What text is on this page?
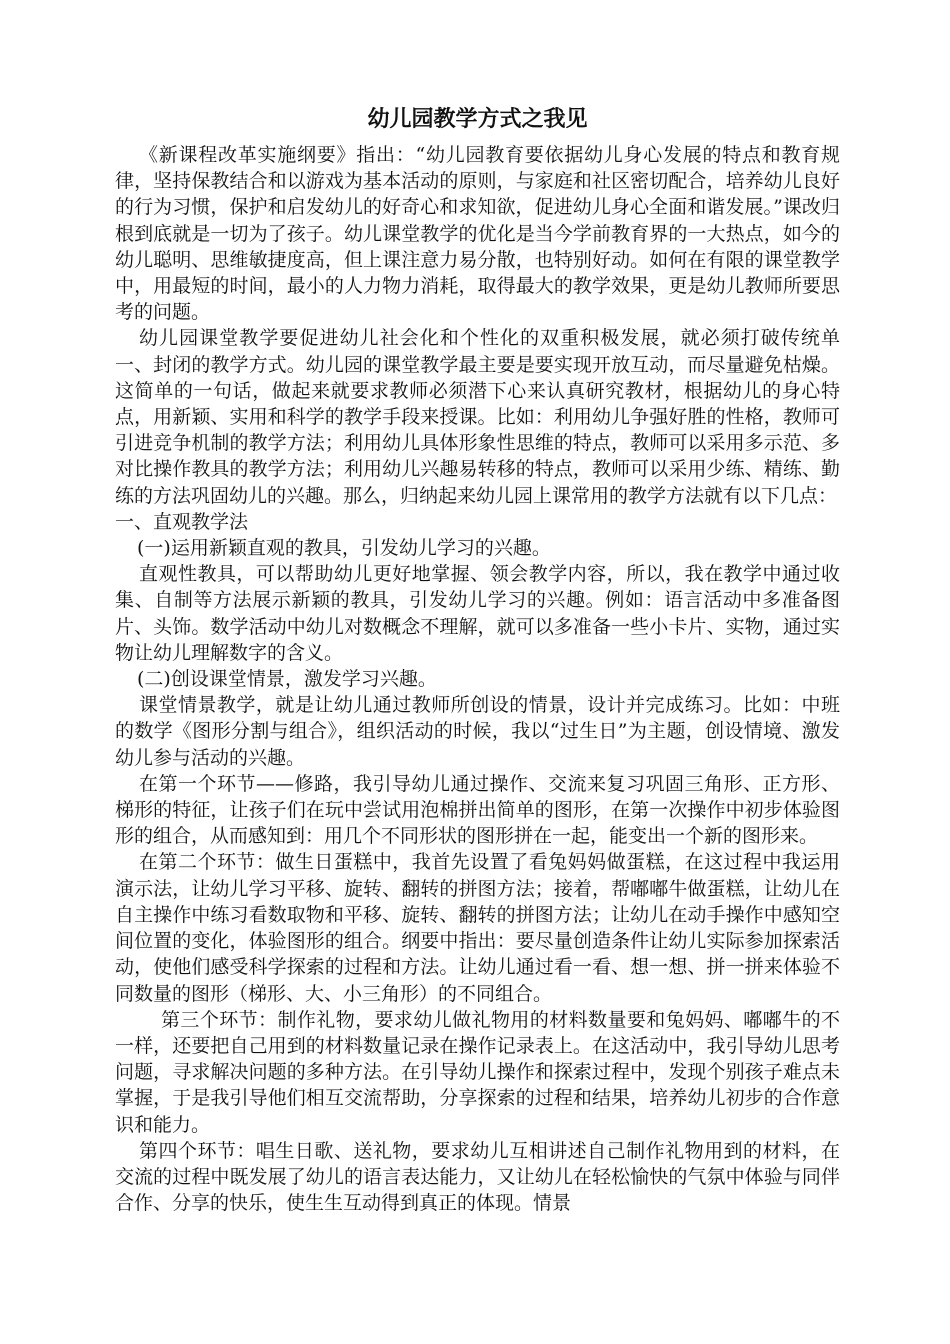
幼儿园教学方式之我见

《新课程改革实施纲要》指出：“幼儿园教育要依据幼儿身心发展的特点和教育规律，坚持保教结合和以游戏为基本活动的原则，与家庭和社区密切配合，培养幼儿良好的行为习惯，保护和启发幼儿的好奇心和求知欲，促进幼儿身心全面和谐发展。”课改归根到底就是一切为了孩子。幼儿课堂教学的优化是当今学前教育界的一大热点，如今的幼儿聪明、思维敏捷度高，但上课注意力易分散，也特别好动。如何在有限的课堂教学中，用最短的时间，最小的人力物力消耗，取得最大的教学效果，更是幼儿教师所要思考的问题。

幼儿园课堂教学要促进幼儿社会化和个性化的双重积极发展，就必须打破传统单一、封闭的教学方式。幼儿园的课堂教学最主要是要实现开放互动，而尽量避免枯燥。这简单的一句话，做起来就要求教师必须潜下心来认真研究教材，根据幼儿的身心特点，用新颖、实用和科学的教学手段来授课。比如：利用幼儿争强好胜的性格，教师可引进竞争机制的教学方法；利用幼儿具体形象性思维的特点，教师可以采用多示范、多对比操作教具的教学方法；利用幼儿兴趣易转移的特点，教师可以采用少练、精练、勤练的方法巩固幼儿的兴趣。那么，归纳起来幼儿园上课常用的教学方法就有以下几点：

一、直观教学法

(一)运用新颖直观的教具，引发幼儿学习的兴趣。

直观性教具，可以帮助幼儿更好地掌握、领会教学内容，所以，我在教学中通过收集、自制等方法展示新颖的教具，引发幼儿学习的兴趣。例如：语言活动中多准备图片、头饰。数学活动中幼儿对数概念不理解，就可以多准备一些小卡片、实物，通过实物让幼儿理解数字的含义。

(二)创设课堂情景，激发学习兴趣。

课堂情景教学，就是让幼儿通过教师所创设的情景，设计并完成练习。比如：中班的数学《图形分割与组合》，组织活动的时候，我以“过生日”为主题，创设情境、激发幼儿参与活动的兴趣。

在第一个环节——修路，我引导幼儿通过操作、交流来复习巩固三角形、正方形、梯形的特征，让孩子们在玩中尝试用泡棉拼出简单的图形，在第一次操作中初步体验图形的组合，从而感知到：用几个不同形状的图形拼在一起，能变出一个新的图形来。

在第二个环节：做生日蛋糕中，我首先设置了看兔妈妈做蛋糕，在这过程中我运用演示法，让幼儿学习平移、旋转、翻转的拼图方法；接着，帮嘟嘟牛做蛋糕，让幼儿在自主操作中练习看数取物和平移、旋转、翻转的拼图方法；让幼儿在动手操作中感知空间位置的变化，体验图形的组合。纲要中指出：要尽量创造条件让幼儿实际参加探索活动，使他们感受科学探索的过程和方法。让幼儿通过看一看、想一想、拼一拼来体验不同数量的图形（梯形、大、小三角形）的不同组合。

第三个环节：制作礼物，要求幼儿做礼物用的材料数量要和兔妈妈、嘟嘟牛的不一样，还要把自己用到的材料数量记录在操作记录表上。在这活动中，我引导幼儿思考问题，寻求解决问题的多种方法。在引导幼儿操作和探索过程中，发现个别孩子难点未掌握，于是我引导他们相互交流帮助，分享探索的过程和结果，培养幼儿初步的合作意识和能力。

第四个环节：唱生日歌、送礼物，要求幼儿互相讲述自己制作礼物用到的材料，在交流的过程中既发展了幼儿的语言表达能力，又让幼儿在轻松愉快的气氛中体验与同伴合作、分享的快乐，使生生互动得到真正的体现。情景
